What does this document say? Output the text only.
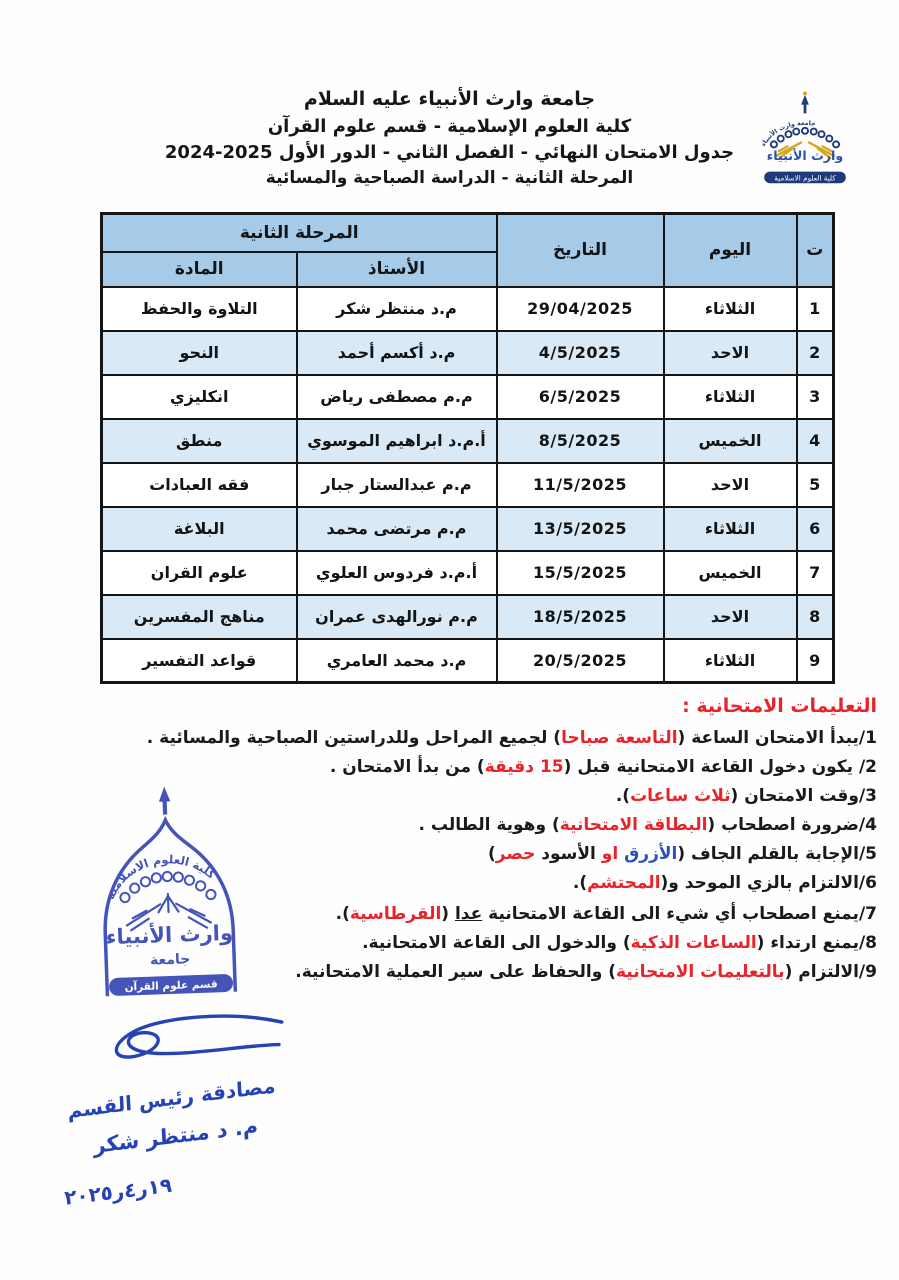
جامعة وارث الأنبياء عليه السلام
كلية العلوم الإسلامية - قسم علوم القرآن
جدول الامتحان النهائي - الفصل الثاني - الدور الأول 2025-2024
المرحلة الثانية - الدراسة الصباحية والمسائية
جامعة وارث الأنبياء
وارث الأنبياء
كلية العلوم الاسلامية
ت	اليوم	التاريخ	المرحلة الثانية	
			الأستاذ	المادة
1	الثلاثاء	29/04/2025	م.د منتظر شكر	التلاوة والحفظ
2	الاحد	4/5/2025	م.د أكسم أحمد	النحو
3	الثلاثاء	6/5/2025	م.م مصطفى رياض	انكليزي
4	الخميس	8/5/2025	أ.م.د ابراهيم الموسوي	منطق
5	الاحد	11/5/2025	م.م عبدالستار جبار	فقه العبادات
6	الثلاثاء	13/5/2025	م.م مرتضى محمد	البلاغة
7	الخميس	15/5/2025	أ.م.د فردوس العلوي	علوم القران
8	الاحد	18/5/2025	م.م نورالهدى عمران	مناهج المفسرين
9	الثلاثاء	20/5/2025	م.د محمد العامري	قواعد التفسير
التعليمات الامتحانية :
1/يبدأ الامتحان الساعة (التاسعة صباحا) لجميع المراحل وللدراستين الصباحية والمسائية .
2/ يكون دخول القاعة الامتحانية قبل (15 دقيقة) من بدأ الامتحان .
3/وقت الامتحان (ثلاث ساعات).
4/ضرورة اصطحاب (البطاقة الامتحانية) وهوية الطالب .
5/الإجابة بالقلم الجاف (الأزرق او الأسود حصر)
6/الالتزام بالزي الموحد و(المحتشم).
7/يمنع اصطحاب أي شيء الى القاعة الامتحانية عدا (القرطاسية).
8/يمنع ارتداء (الساعات الذكية) والدخول الى القاعة الامتحانية.
9/الالتزام (بالتعليمات الامتحانية) والحفاظ على سير العملية الامتحانية.
كلية العلوم الاسلامية
وارث الأنبياء
جامعة
قسم علوم القرآن
مصادقة رئيس القسم
م. د منتظر شكر
١٩ر٤ر٢٠٢٥
